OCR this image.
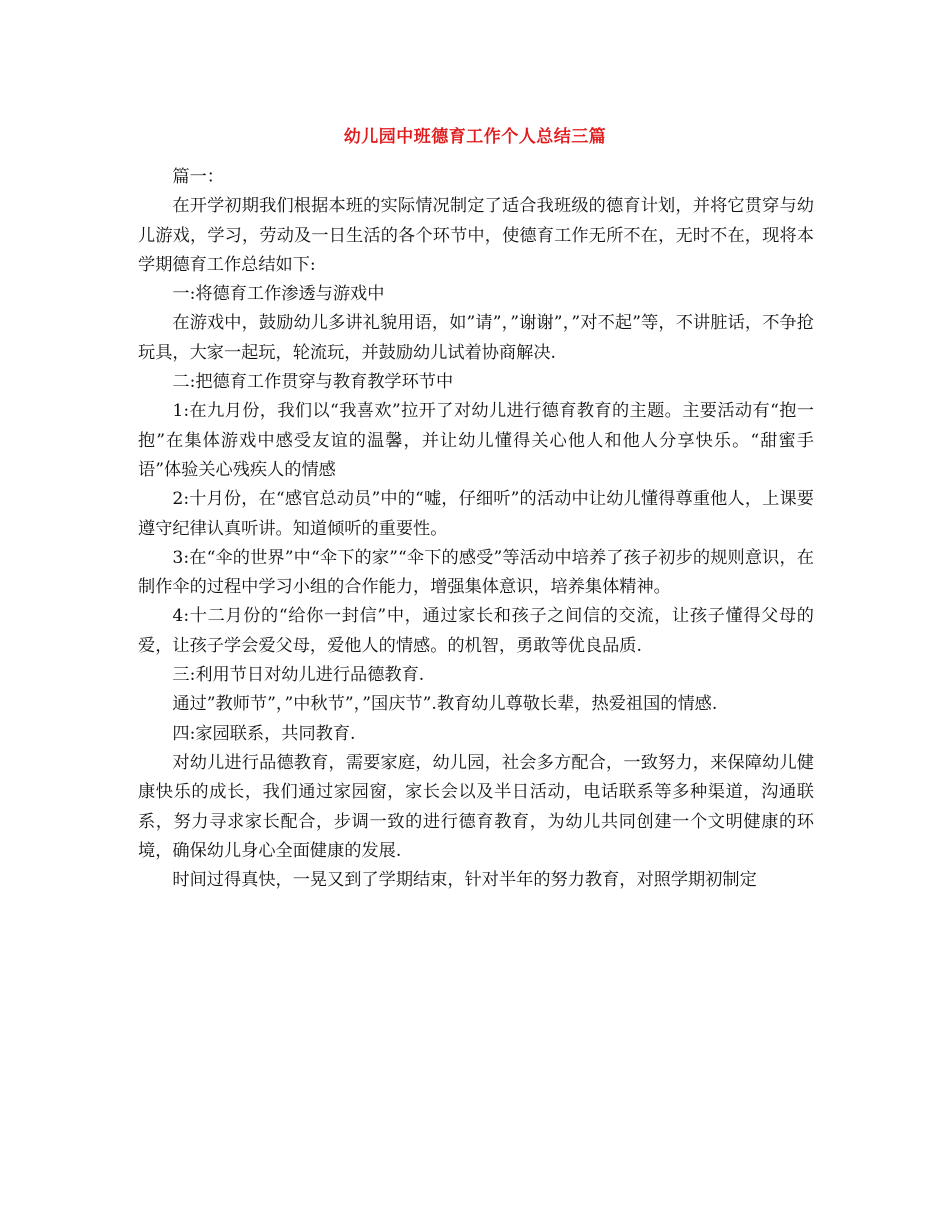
幼儿园中班德育工作个人总结三篇

篇一：

在开学初期我们根据本班的实际情况制定了适合我班级的德育计划，并将它贯穿与幼儿游戏，学习，劳动及一日生活的各个环节中，使德育工作无所不在，无时不在，现将本学期德育工作总结如下:

一:将德育工作渗透与游戏中

在游戏中，鼓励幼儿多讲礼貌用语，如”请”，”谢谢”，”对不起”等，不讲脏话，不争抢玩具，大家一起玩，轮流玩，并鼓励幼儿试着协商解决.

二:把德育工作贯穿与教育教学环节中

1:在九月份，我们以“我喜欢”拉开了对幼儿进行德育教育的主题。主要活动有“抱一抱”在集体游戏中感受友谊的温馨，并让幼儿懂得关心他人和他人分享快乐。“甜蜜手语”体验关心残疾人的情感

2:十月份，在“感官总动员”中的“嘘，仔细听”的活动中让幼儿懂得尊重他人，上课要遵守纪律认真听讲。知道倾听的重要性。

3:在“伞的世界”中“伞下的家”“伞下的感受”等活动中培养了孩子初步的规则意识，在制作伞的过程中学习小组的合作能力，增强集体意识，培养集体精神。

4:十二月份的“给你一封信”中，通过家长和孩子之间信的交流，让孩子懂得父母的爱，让孩子学会爱父母，爱他人的情感。的机智，勇敢等优良品质.

三:利用节日对幼儿进行品德教育.

通过”教师节”，”中秋节”，”国庆节”.教育幼儿尊敬长辈，热爱祖国的情感.

四:家园联系，共同教育.

对幼儿进行品德教育，需要家庭，幼儿园，社会多方配合，一致努力，来保障幼儿健康快乐的成长，我们通过家园窗，家长会以及半日活动，电话联系等多种渠道，沟通联系，努力寻求家长配合，步调一致的进行德育教育，为幼儿共同创建一个文明健康的环境，确保幼儿身心全面健康的发展.

时间过得真快，一晃又到了学期结束，针对半年的努力教育，对照学期初制定
